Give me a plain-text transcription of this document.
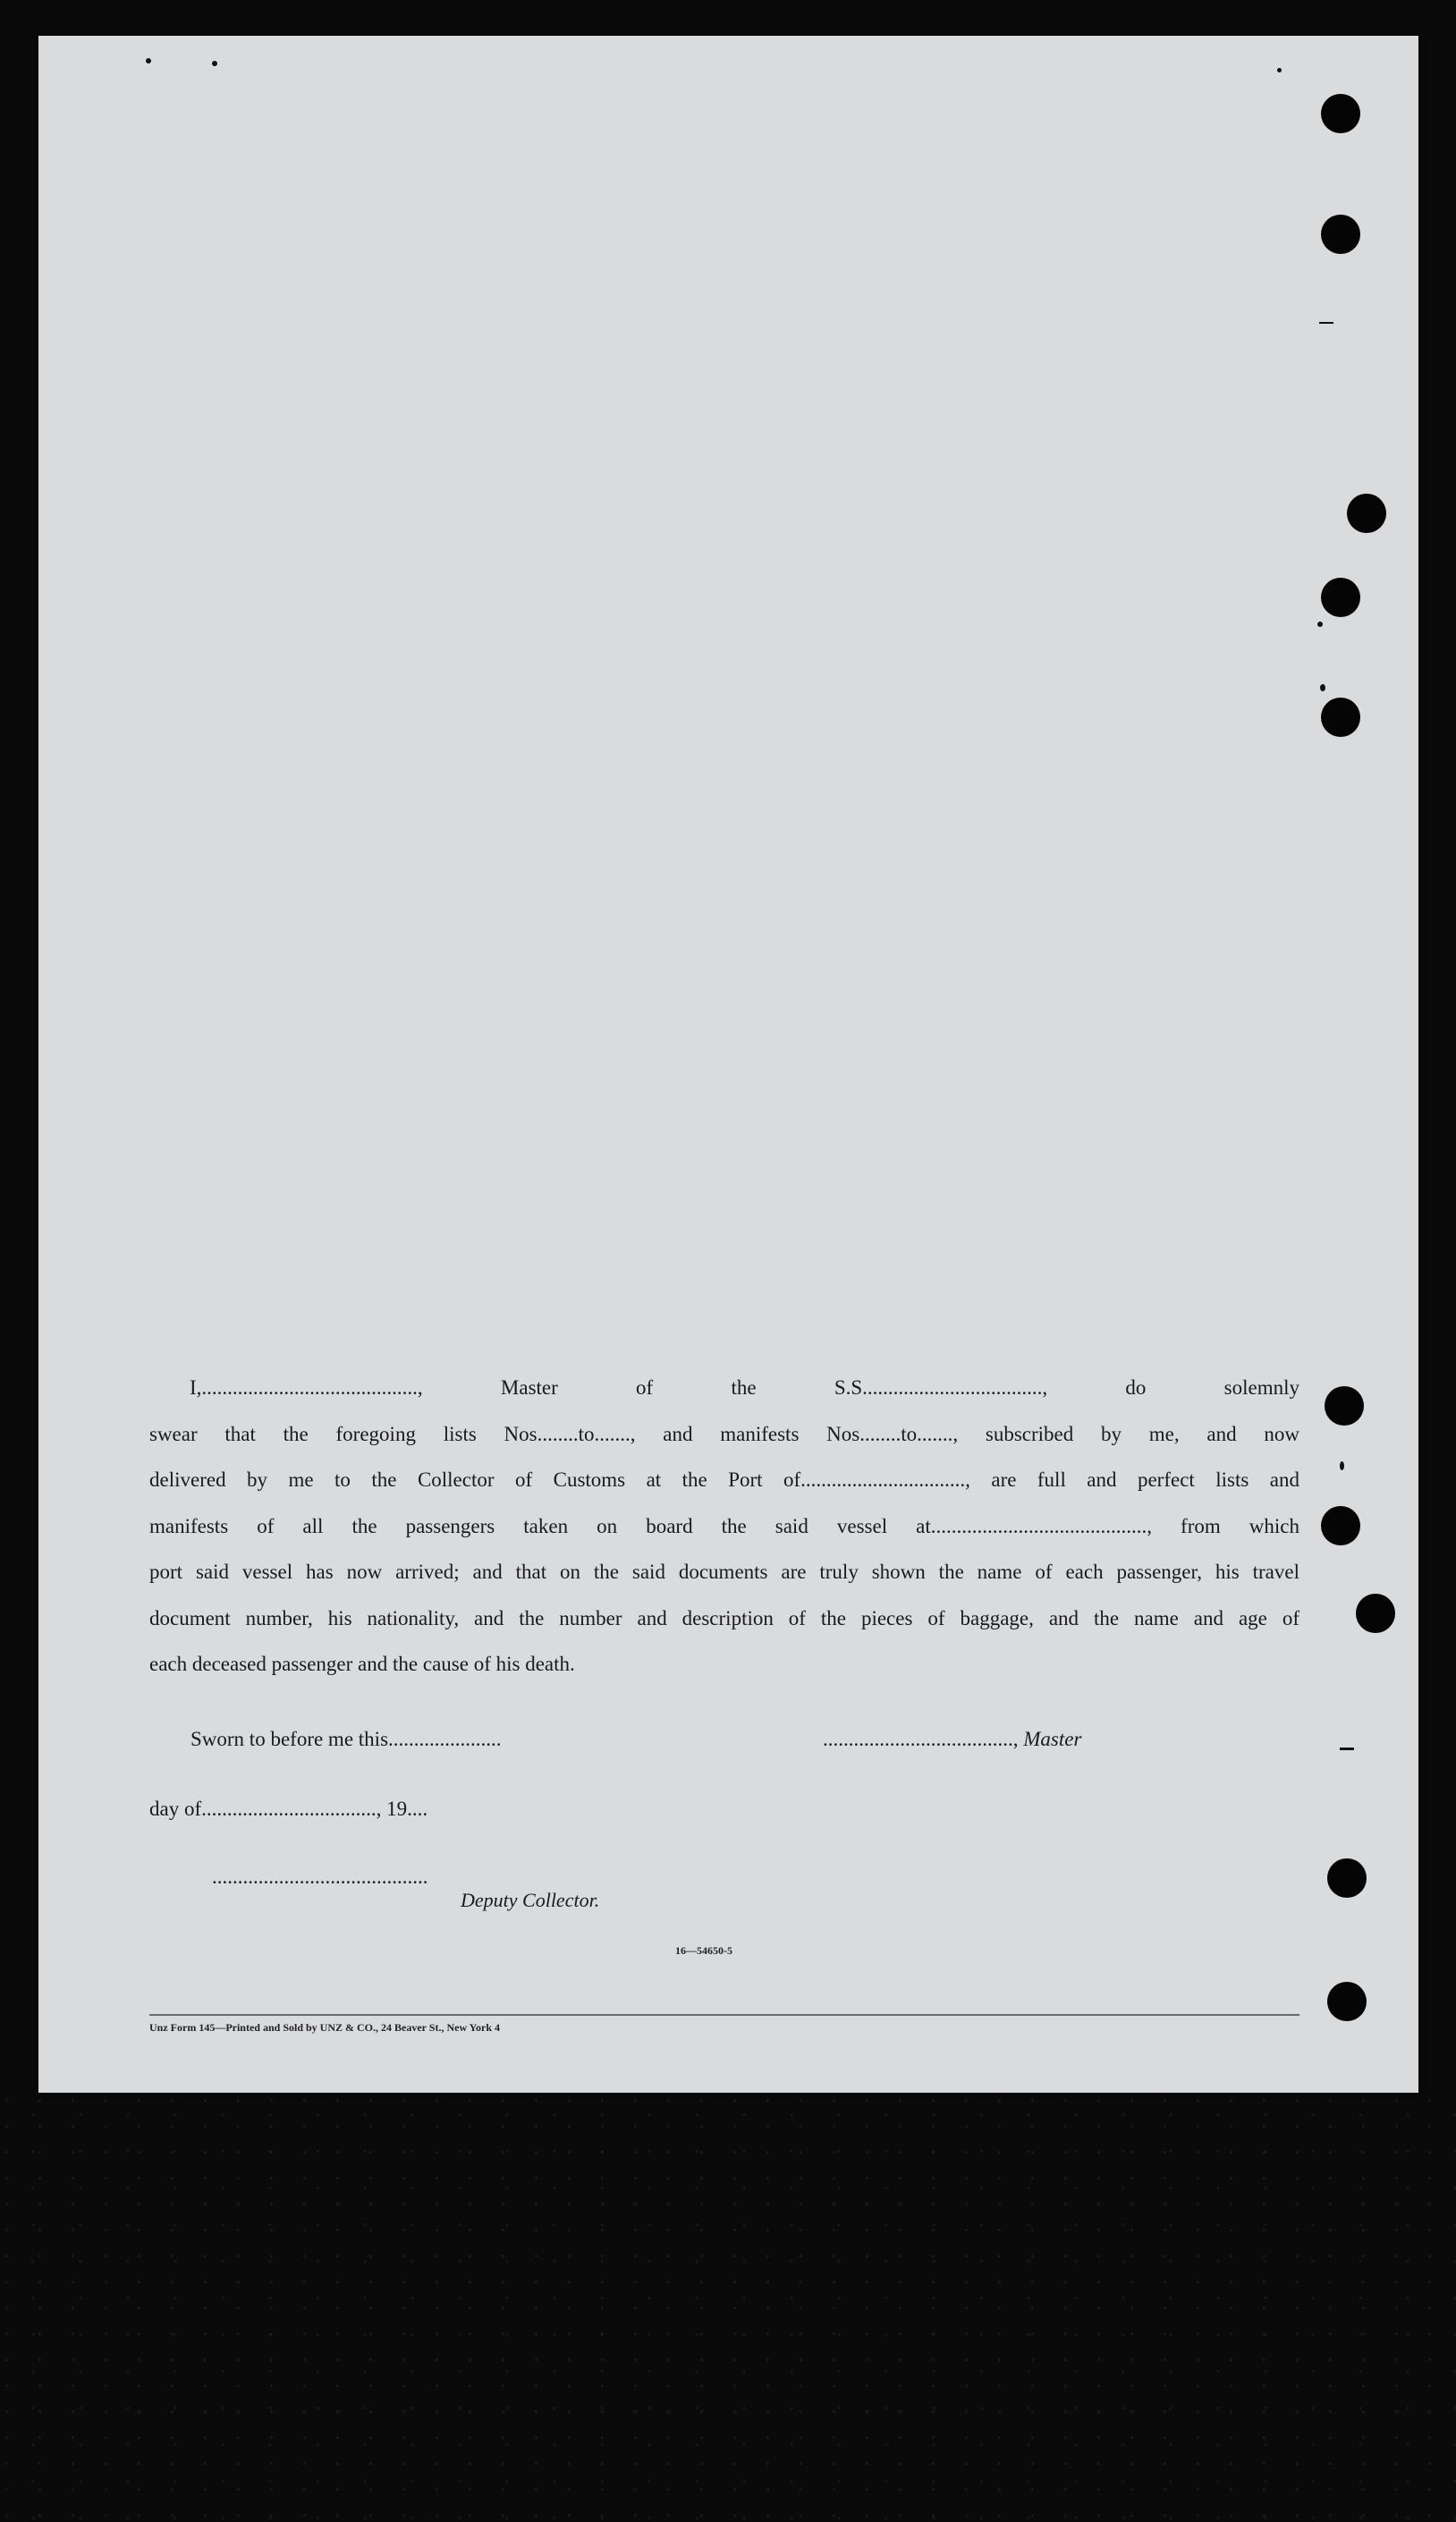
I,.........................................., Master of the S.S..................................., do solemnly
swear that the foregoing lists Nos........to......., and manifests Nos........to......., subscribed by me, and now
delivered by me to the Collector of Customs at the Port of................................, are full and perfect lists and
manifests of all the passengers taken on board the said vessel at.........................................., from which
port said vessel has now arrived; and that on the said documents are truly shown the name of each passenger, his travel
document number, his nationality, and the number and description of the pieces of baggage, and the name and age of
each deceased passenger and the cause of his death.
Sworn to before me this......................	....................................., Master
day of.................................., 19....
..........................................
Deputy Collector.
16—54650-5
Unz Form 145—Printed and Sold by UNZ & CO., 24 Beaver St., New York 4
